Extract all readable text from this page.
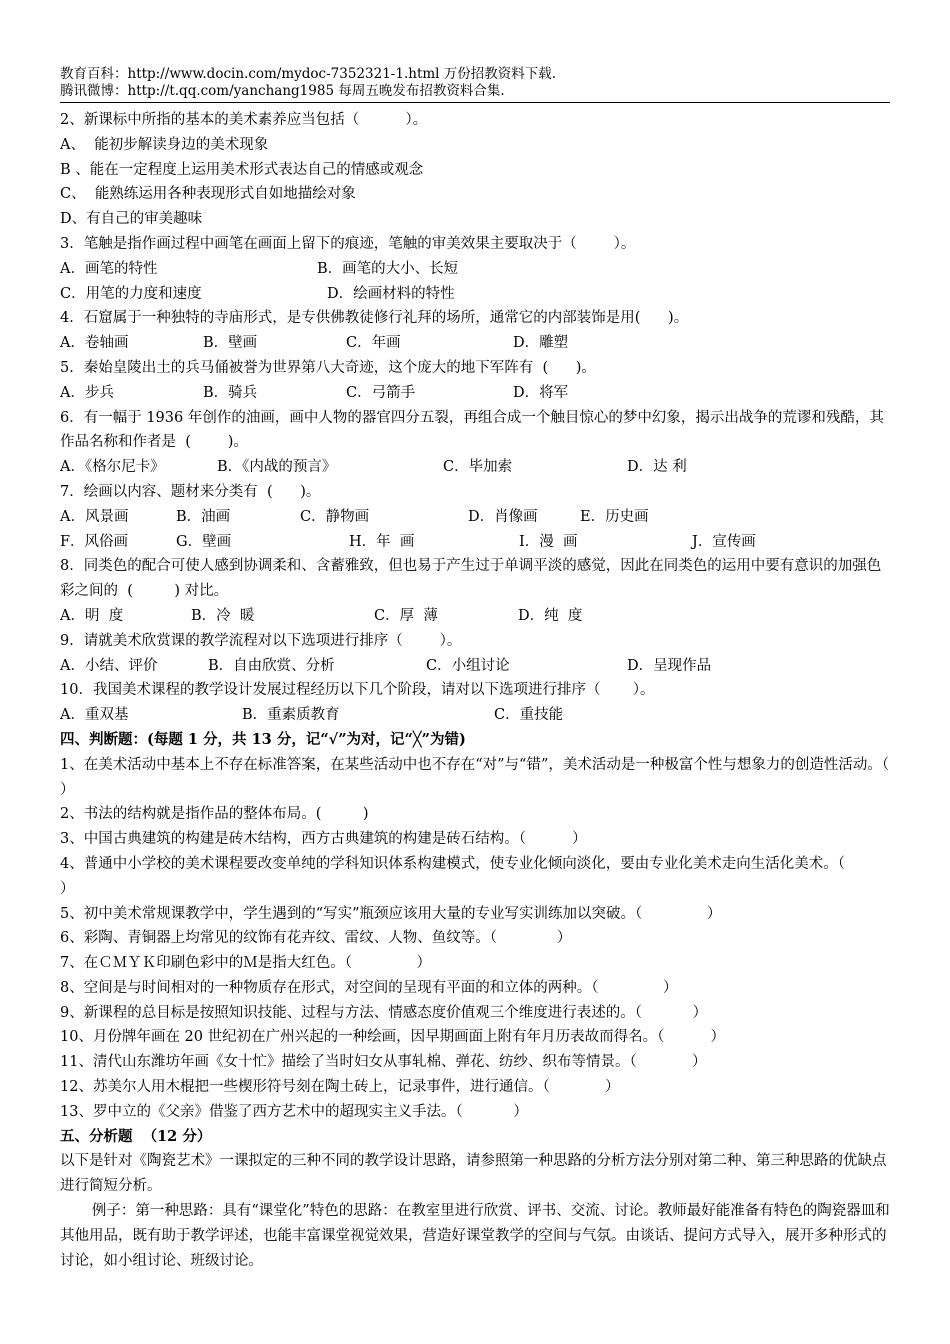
教育百科：http://www.docin.com/mydoc-7352321-1.html 万份招教资料下载.
腾讯微博：http://t.qq.com/yanchang1985 每周五晚发布招教资料合集.

2、新课标中所指的基本的美术素养应当包括（          ）。

A、  能初步解读身边的美术现象

B 、能在一定程度上运用美术形式表达自己的情感或观念

C、  能熟练运用各种表现形式自如地描绘对象

D、有自己的审美趣味

3．笔触是指作画过程中画笔在画面上留下的痕迹，笔触的审美效果主要取决于（        ）。

A．画笔的特性	B．画笔的大小、长短
C．用笔的力度和速度	D．绘画材料的特性

4．石窟属于一种独特的寺庙形式，是专供佛教徒修行礼拜的场所，通常它的内部装饰是用(      )。

A．卷轴画	B．壁画	C．年画	D．雕塑

5．秦始皇陵出土的兵马俑被誉为世界第八大奇迹，这个庞大的地下军阵有  (      )。

A．步兵	B．骑兵	C．弓箭手	D．将军

6．有一幅于 1936 年创作的油画，画中人物的器官四分五裂，再组合成一个触目惊心的梦中幻象，揭示出战争的荒谬和残酷，其作品名称和作者是  (        )。

A．《格尔尼卡》	B．《内战的预言》	C．毕加索	D．达 利

7．绘画以内容、题材来分类有  (      )。

A．风景画	B．油画	C．静物画	D．肖像画	E．历史画
F．风俗画	G．壁画	H．年  画	I．漫  画	J．宣传画

8．同类色的配合可使人感到协调柔和、含蓄雅致，但也易于产生过于单调平淡的感觉，因此在同类色的运用中要有意识的加强色彩之间的  (         ) 对比。

A．明  度	B．冷  暖	C．厚  薄	D．纯  度

9．请就美术欣赏课的教学流程对以下选项进行排序（        ）。

A．小结、评价	B．自由欣赏、分析	C．小组讨论	D．呈现作品

10．我国美术课程的教学设计发展过程经历以下几个阶段，请对以下选项进行排序（       ）。

A．重双基	B．重素质教育	C．重技能

四、判断题：(每题 1 分，共 13 分，记“√”为对，记“╳”为错)

1、在美术活动中基本上不存在标准答案，在某些活动中也不存在“对”与“错”，美术活动是一种极富个性与想象力的创造性活动。（         ）

2、书法的结构就是指作品的整体布局。(         )

3、中国古典建筑的构建是砖木结构，西方古典建筑的构建是砖石结构。（          ）

4、普通中小学校的美术课程要改变单纯的学科知识体系构建模式，使专业化倾向淡化，要由专业化美术走向生活化美术。（          ）

5、初中美术常规课教学中，学生遇到的“写实”瓶颈应该用大量的专业写实训练加以突破。（              ）

6、彩陶、青铜器上均常见的纹饰有花卉纹、雷纹、人物、鱼纹等。（             ）

7、在ＣＭＹＫ印刷色彩中的Ｍ是指大红色。（              ）

8、空间是与时间相对的一种物质存在形式，对空间的呈现有平面的和立体的两种。（              ）

9、新课程的总目标是按照知识技能、过程与方法、情感态度价值观三个维度进行表述的。（           ）

10、月份牌年画在 20 世纪初在广州兴起的一种绘画，因早期画面上附有年月历表故而得名。（          ）

11、清代山东潍坊年画《女十忙》描绘了当时妇女从事轧棉、弹花、纺纱、织布等情景。（            ）

12、苏美尔人用木棍把一些楔形符号刻在陶土砖上，记录事件，进行通信。（            ）

13、罗中立的《父亲》借鉴了西方艺术中的超现实主义手法。（           ）

五、分析题  （12 分）

以下是针对《陶瓷艺术》一课拟定的三种不同的教学设计思路，请参照第一种思路的分析方法分别对第二种、第三种思路的优缺点进行简短分析。

例子：第一种思路：具有“课堂化”特色的思路：在教室里进行欣赏、评书、交流、讨论。教师最好能准备有特色的陶瓷器皿和其他用品，既有助于教学评述，也能丰富课堂视觉效果，营造好课堂教学的空间与气氛。由谈话、提问方式导入，展开多种形式的讨论，如小组讨论、班级讨论。
